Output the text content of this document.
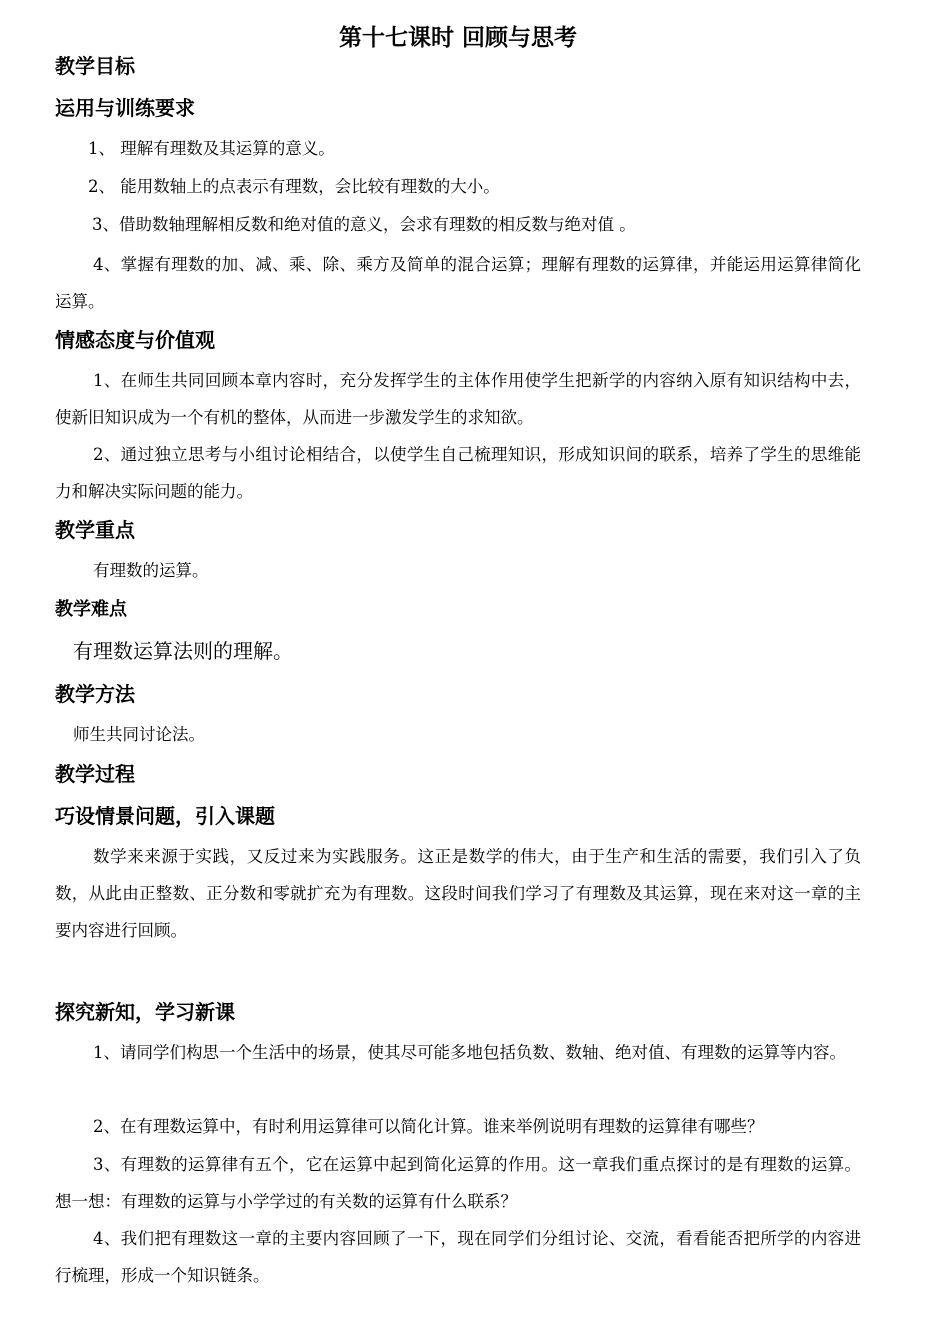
第十七课时 回顾与思考
教学目标
运用与训练要求
1、 理解有理数及其运算的意义。
2、 能用数轴上的点表示有理数，会比较有理数的大小。
3、借助数轴理解相反数和绝对值的意义，会求有理数的相反数与绝对值 。
4、掌握有理数的加、减、乘、除、乘方及简单的混合运算；理解有理数的运算律，并能运用运算律简化运算。
情感态度与价值观
1、在师生共同回顾本章内容时，充分发挥学生的主体作用使学生把新学的内容纳入原有知识结构中去，使新旧知识成为一个有机的整体，从而进一步激发学生的求知欲。
2、通过独立思考与小组讨论相结合，以使学生自己梳理知识，形成知识间的联系，培养了学生的思维能力和解决实际问题的能力。
教学重点
有理数的运算。
教学难点
有理数运算法则的理解。
教学方法
师生共同讨论法。
教学过程
巧设情景问题，引入课题
数学来来源于实践，又反过来为实践服务。这正是数学的伟大，由于生产和生活的需要，我们引入了负数，从此由正整数、正分数和零就扩充为有理数。这段时间我们学习了有理数及其运算，现在来对这一章的主要内容进行回顾。
探究新知，学习新课
1、请同学们构思一个生活中的场景，使其尽可能多地包括负数、数轴、绝对值、有理数的运算等内容。
2、在有理数运算中，有时利用运算律可以简化计算。谁来举例说明有理数的运算律有哪些？
3、有理数的运算律有五个，它在运算中起到简化运算的作用。这一章我们重点探讨的是有理数的运算。想一想：有理数的运算与小学学过的有关数的运算有什么联系？
4、我们把有理数这一章的主要内容回顾了一下，现在同学们分组讨论、交流，看看能否把所学的内容进行梳理，形成一个知识链条。
